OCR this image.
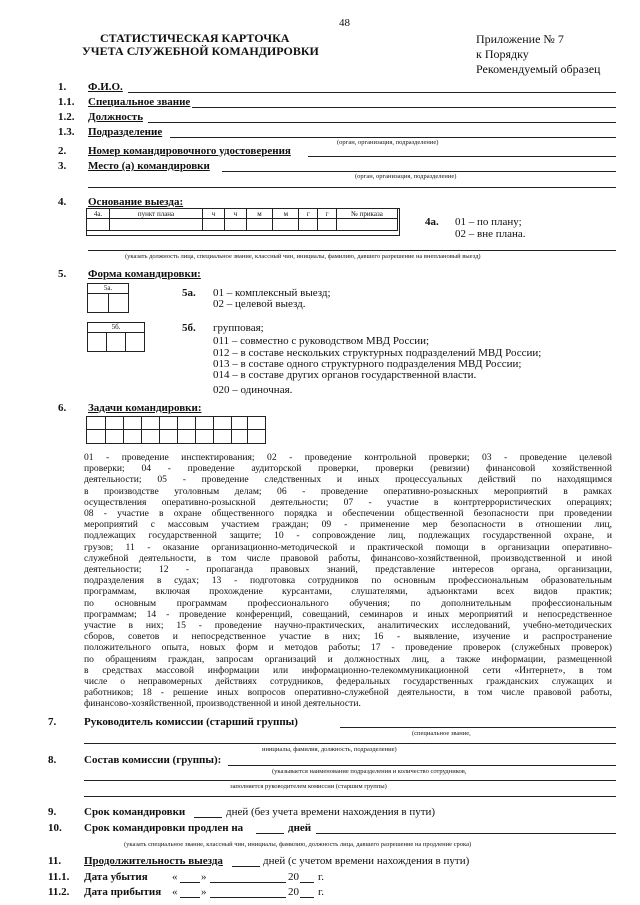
48
СТАТИСТИЧЕСКАЯ КАРТОЧКА
УЧЕТА СЛУЖЕБНОЙ КОМАНДИРОВКИ
Приложение № 7
к Порядку
Рекомендуемый образец
1. Ф.И.О.
1.1. Специальное звание
1.2. Должность
1.3. Подразделение
(орган, организация, подразделение)
2. Номер командировочного удостоверения
3. Место (а) командировки
(орган, организация, подразделение)
4. Основание выезда:
4а.	пункт плана	ч	ч	м	м	г	г	№ приказа

4а. 01 – по плану;
02 – вне плана.
(указать должность лица, специальное звание, классный чин, инициалы, фамилию, давшего разрешение на внеплановый выезд)
5. Форма командировки:
5а.	5а. 01 – комплексный выезд;
02 – целевой выезд.
5б.	5б. групповая;
011 – совместно с руководством МВД России;
012 – в составе нескольких структурных подразделений МВД России;
013 – в составе одного структурного подразделения МВД России;
014 – в составе других органов государственной власти.
020 – одиночная.
6. Задачи командировки:
01 - проведение инспектирования; 02 - проведение контрольной проверки; 03 - проведение целевой
проверки; 04 - проведение аудиторской проверки, проверки (ревизии) финансовой хозяйственной
деятельности; 05 - проведение следственных и иных процессуальных действий по находящимся
в производстве уголовным делам; 06 - проведение оперативно-розыскных мероприятий в рамках
осуществления оперативно-розыскной деятельности; 07 - участие в контртеррористических операциях;
08 - участие в охране общественного порядка и обеспечении общественной безопасности при проведении
мероприятий с массовым участием граждан; 09 - применение мер безопасности в отношении лиц,
подлежащих государственной защите; 10 - сопровождение лиц, подлежащих государственной охране, и
грузов; 11 - оказание организационно-методической и практической помощи в организации оперативно-
служебной деятельности, в том числе правовой работы, финансово-хозяйственной, производственной и иной
деятельности; 12 - пропаганда правовых знаний, представление интересов органа, организации,
подразделения в судах; 13 - подготовка сотрудников по основным профессиональным образовательным
программам, включая прохождение курсантами, слушателями, адъюнктами всех видов практик;
по основным программам профессионального обучения; по дополнительным профессиональным
программам; 14 - проведение конференций, совещаний, семинаров и иных мероприятий и непосредственное
участие в них; 15 - проведение научно-практических, аналитических исследований, учебно-методических
сборов, советов и непосредственное участие в них; 16 - выявление, изучение и распространение
положительного опыта, новых форм и методов работы; 17 - проведение проверок (служебных проверок)
по обращениям граждан, запросам организаций и должностных лиц, а также информации, размещенной
в средствах массовой информации или информационно-телекоммуникационной сети «Интернет», в том
числе о неправомерных действиях сотрудников, федеральных государственных гражданских служащих и
работников; 18 - решение иных вопросов оперативно-служебной деятельности, в том числе правовой работы,
финансово-хозяйственной, производственной и иной деятельности.
7.	Руководитель комиссии (старший группы)
(специальное звание,
инициалы, фамилия, должность, подразделение)
8.	Состав комиссии (группы):
(указывается наименование подразделения и количество сотрудников,
заполняется руководителем комиссии (старшим группы)
9.	Срок командировки	дней (без учета времени нахождения в пути)
10. Срок командировки продлен на	дней
(указать специальное звание, классный чин, инициалы, фамилию, должность лица, давшего разрешение на продление срока)
11. Продолжительность выезда	дней (с учетом времени нахождения в пути)
11.1. Дата убытия « »	20 г.
11.2. Дата прибытия « »	20 г.
